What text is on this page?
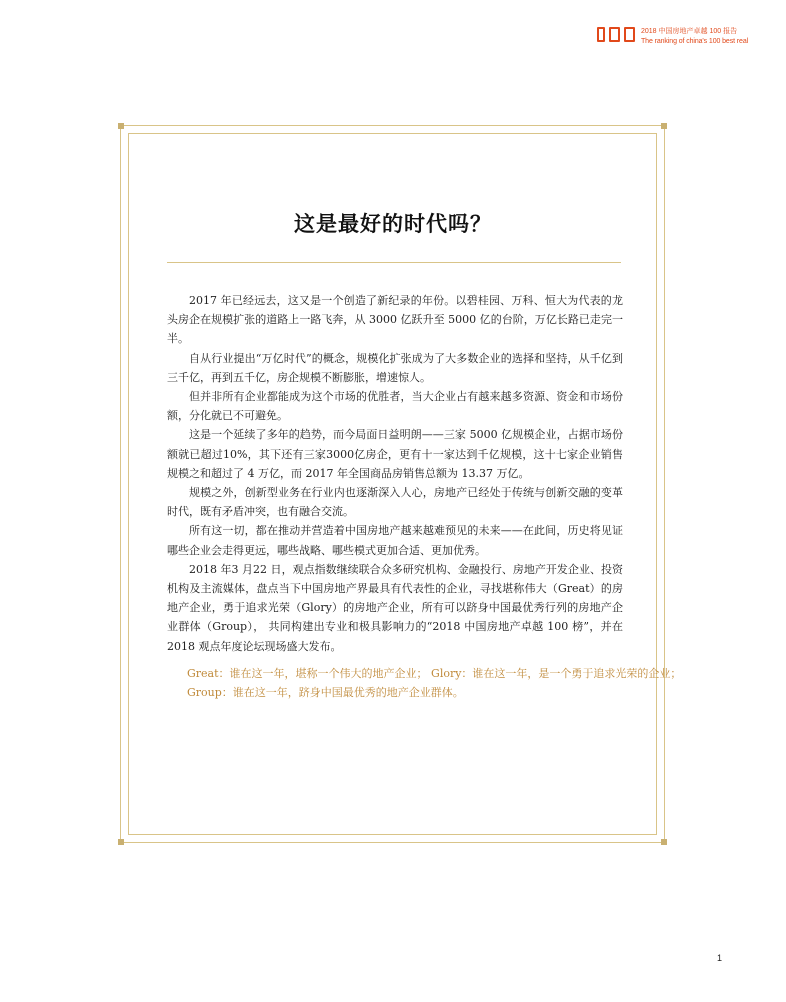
2018 中国房地产卓越 100 报告
The ranking of china's 100 best real
这是最好的时代吗？

2017 年已经远去，这又是一个创造了新纪录的年份。以碧桂园、万科、恒大为代表的龙头房企在规模扩张的道路上一路飞奔，从 3000 亿跃升至 5000 亿的台阶，万亿长路已走完一半。

自从行业提出“万亿时代”的概念，规模化扩张成为了大多数企业的选择和坚持，从千亿到三千亿，再到五千亿，房企规模不断膨胀，增速惊人。

但并非所有企业都能成为这个市场的优胜者，当大企业占有越来越多资源、资金和市场份额，分化就已不可避免。

这是一个延续了多年的趋势，而今局面日益明朗——三家 5000 亿规模企业，占据市场份额就已超过10%，其下还有三家3000亿房企，更有十一家达到千亿规模，这十七家企业销售规模之和超过了 4 万亿，而 2017 年全国商品房销售总额为 13.37 万亿。

规模之外，创新型业务在行业内也逐渐深入人心，房地产已经处于传统与创新交融的变革时代，既有矛盾冲突，也有融合交流。

所有这一切，都在推动并营造着中国房地产越来越难预见的未来——在此间，历史将见证哪些企业会走得更远，哪些战略、哪些模式更加合适、更加优秀。

2018 年3 月22 日，观点指数继续联合众多研究机构、金融投行、房地产开发企业、投资机构及主流媒体，盘点当下中国房地产界最具有代表性的企业，寻找堪称伟大（Great）的房地产企业，勇于追求光荣（Glory）的房地产企业，所有可以跻身中国最优秀行列的房地产企业群体（Group）， 共同构建出专业和极具影响力的“2018 中国房地产卓越 100 榜”，并在 2018 观点年度论坛现场盛大发布。

Great：谁在这一年，堪称一个伟大的地产企业； Glory：谁在这一年，是一个勇于追求光荣的企业； Group：谁在这一年，跻身中国最优秀的地产企业群体。
1
